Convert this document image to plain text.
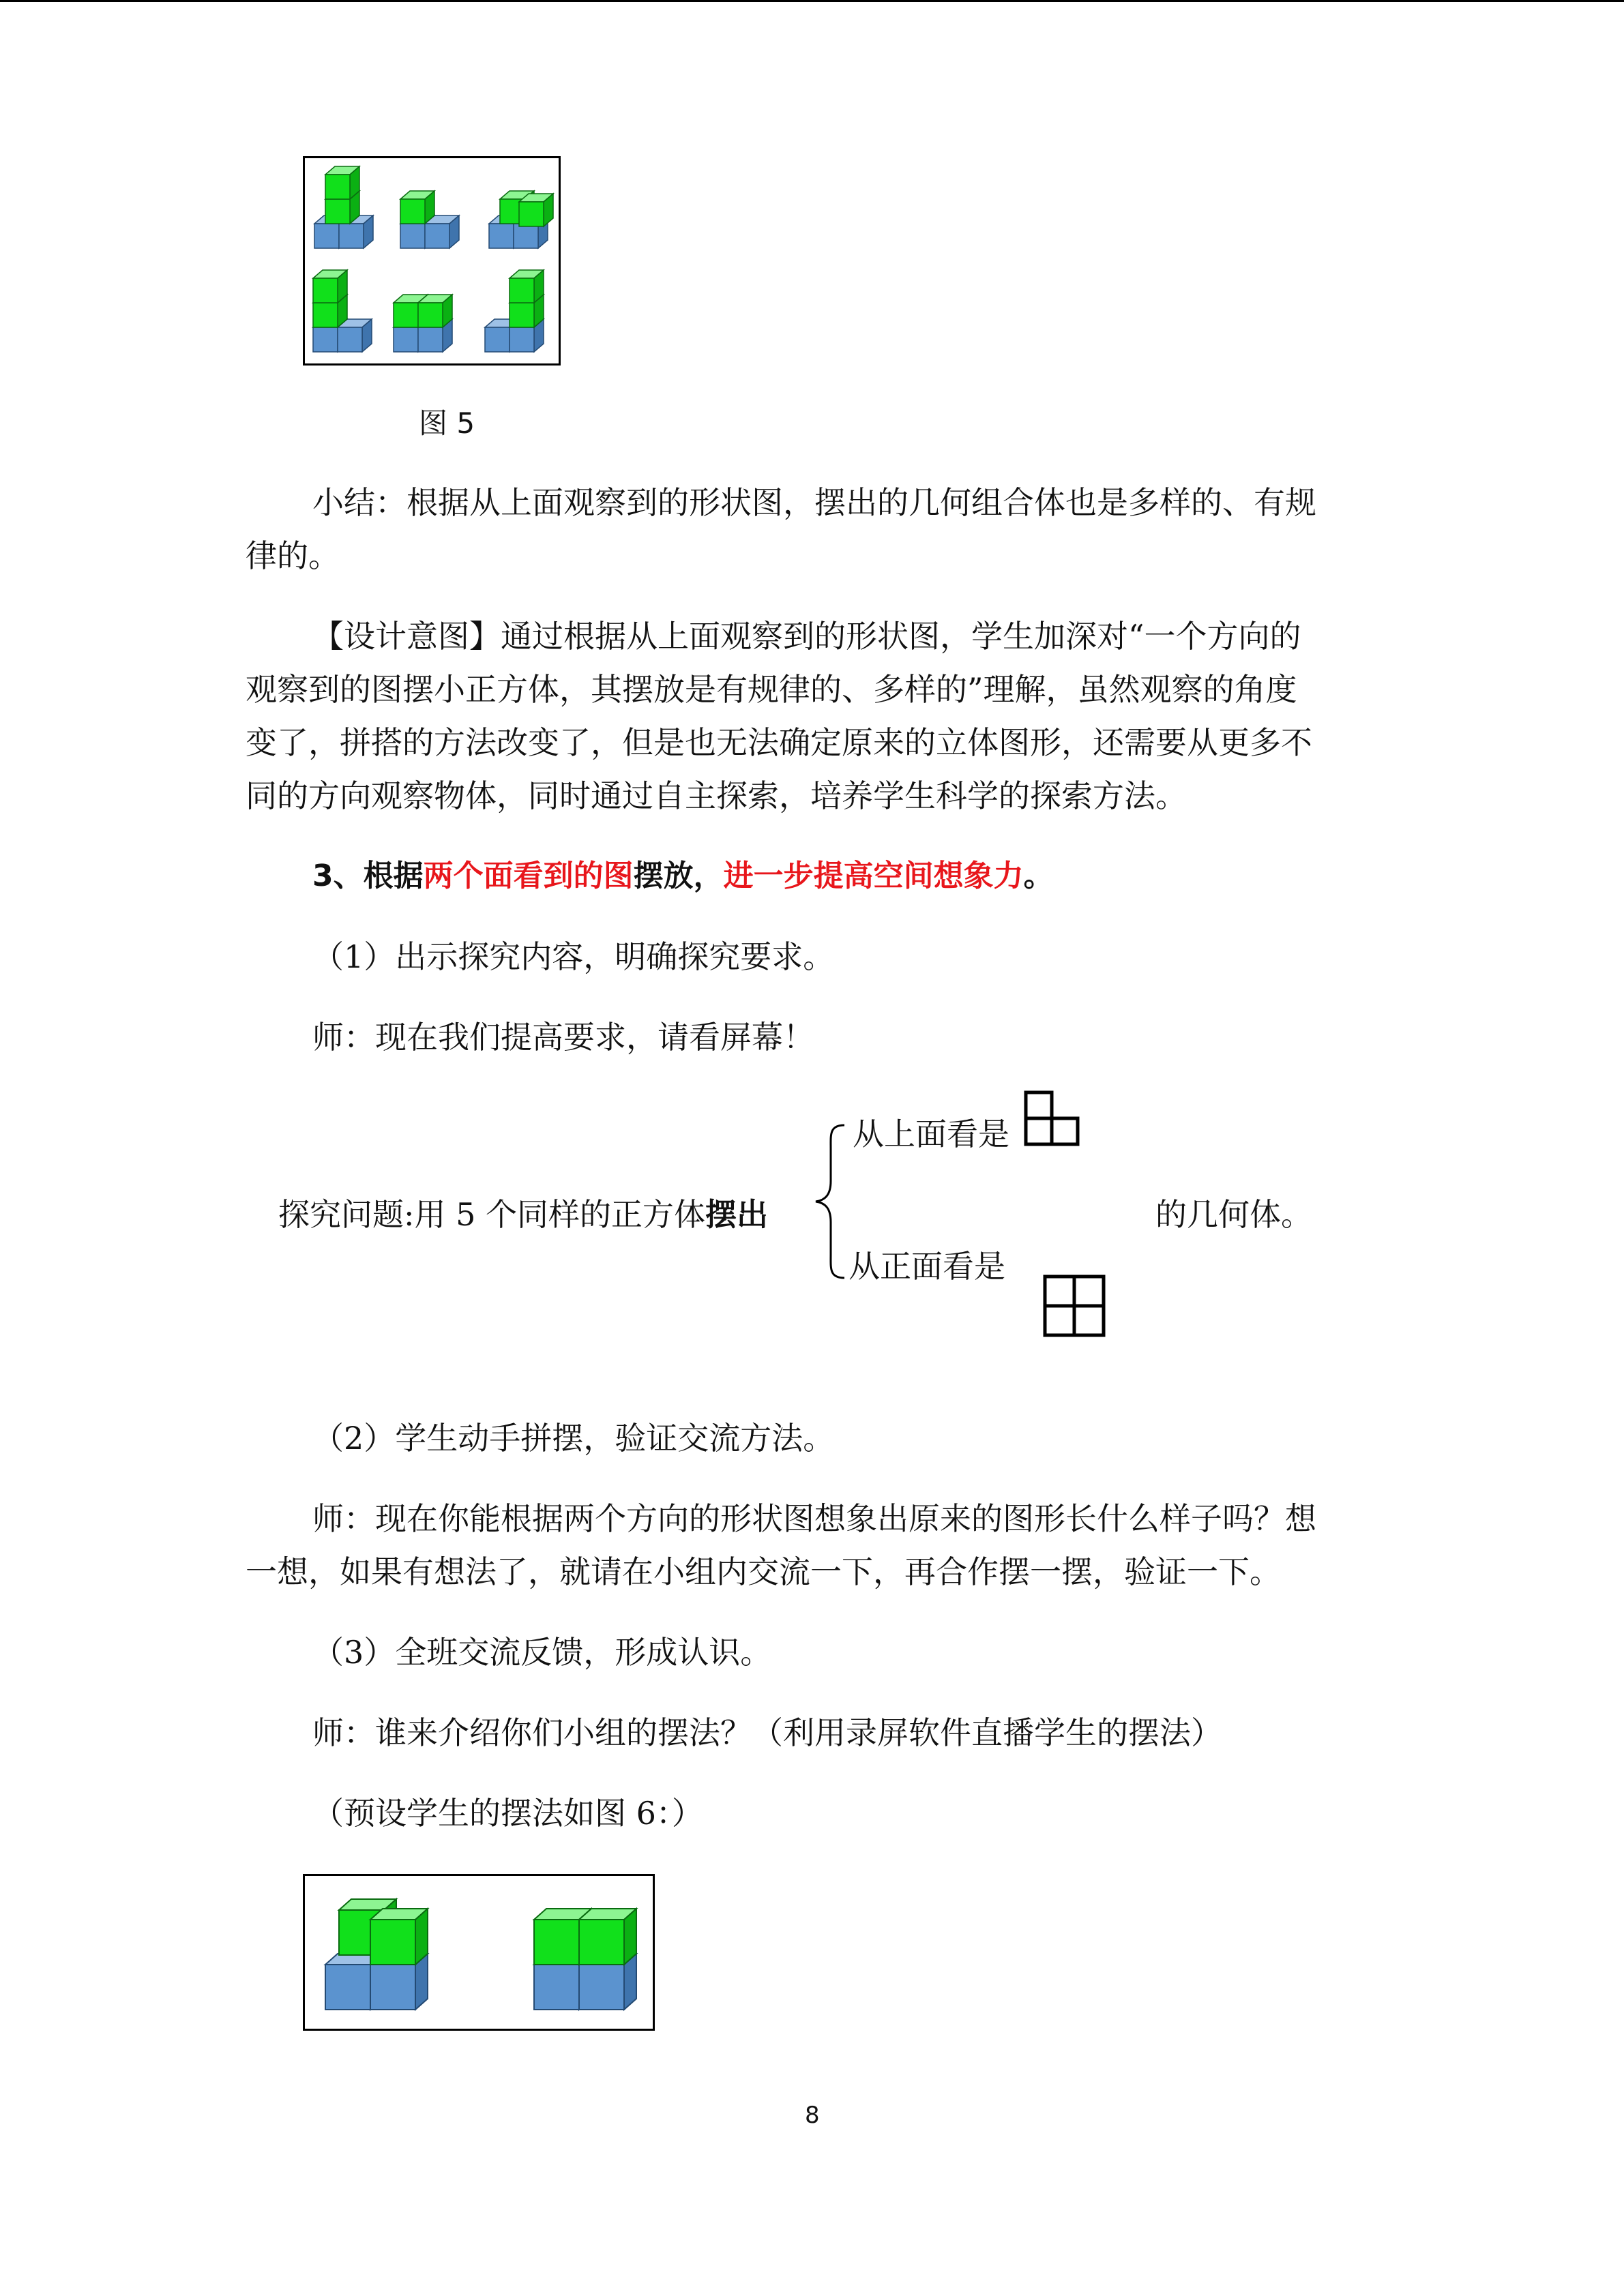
图 5
小结：根据从上面观察到的形状图，摆出的几何组合体也是多样的、有规
律的。
【设计意图】通过根据从上面观察到的形状图，学生加深对“一个方向的
观察到的图摆小正方体，其摆放是有规律的、多样的”理解，虽然观察的角度
变了，拼搭的方法改变了，但是也无法确定原来的立体图形，还需要从更多不
同的方向观察物体，同时通过自主探索，培养学生科学的探索方法。
3、根据两个面看到的图摆放，进一步提高空间想象力。
（1）出示探究内容，明确探究要求。
师：现在我们提高要求，请看屏幕！
探究问题:用 5 个同样的正方体摆出
从上面看是
从正面看是
的几何体。
（2）学生动手拼摆，验证交流方法。
师：现在你能根据两个方向的形状图想象出原来的图形长什么样子吗？想
一想，如果有想法了，就请在小组内交流一下，再合作摆一摆，验证一下。
（3）全班交流反馈，形成认识。
师：谁来介绍你们小组的摆法？（利用录屏软件直播学生的摆法）
（预设学生的摆法如图 6：）
8
